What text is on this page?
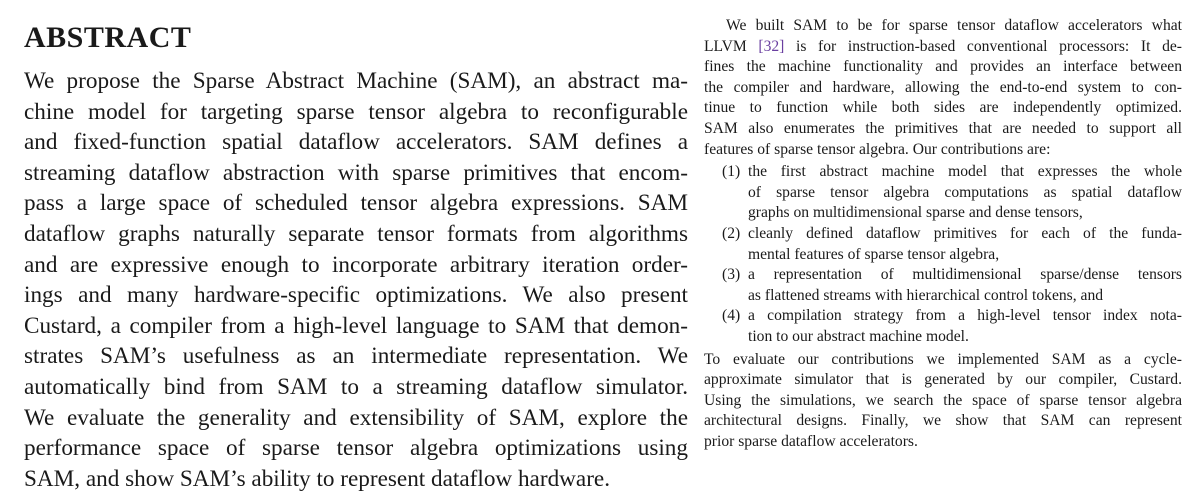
ABSTRACT
We propose the Sparse Abstract Machine (SAM), an abstract ma-
chine model for targeting sparse tensor algebra to reconfigurable
and fixed-function spatial dataflow accelerators. SAM defines a
streaming dataflow abstraction with sparse primitives that encom-
pass a large space of scheduled tensor algebra expressions. SAM
dataflow graphs naturally separate tensor formats from algorithms
and are expressive enough to incorporate arbitrary iteration order-
ings and many hardware-specific optimizations. We also present
Custard, a compiler from a high-level language to SAM that demon-
strates SAM’s usefulness as an intermediate representation. We
automatically bind from SAM to a streaming dataflow simulator.
We evaluate the generality and extensibility of SAM, explore the
performance space of sparse tensor algebra optimizations using
SAM, and show SAM’s ability to represent dataflow hardware.
We built SAM to be for sparse tensor dataflow accelerators what
LLVM [32] is for instruction-based conventional processors: It de-
fines the machine functionality and provides an interface between
the compiler and hardware, allowing the end-to-end system to con-
tinue to function while both sides are independently optimized.
SAM also enumerates the primitives that are needed to support all
features of sparse tensor algebra. Our contributions are:
(1) the first abstract machine model that expresses the whole
of sparse tensor algebra computations as spatial dataflow
graphs on multidimensional sparse and dense tensors,
(2) cleanly defined dataflow primitives for each of the funda-
mental features of sparse tensor algebra,
(3) a representation of multidimensional sparse/dense tensors
as flattened streams with hierarchical control tokens, and
(4) a compilation strategy from a high-level tensor index nota-
tion to our abstract machine model.
To evaluate our contributions we implemented SAM as a cycle-
approximate simulator that is generated by our compiler, Custard.
Using the simulations, we search the space of sparse tensor algebra
architectural designs. Finally, we show that SAM can represent
prior sparse dataflow accelerators.
